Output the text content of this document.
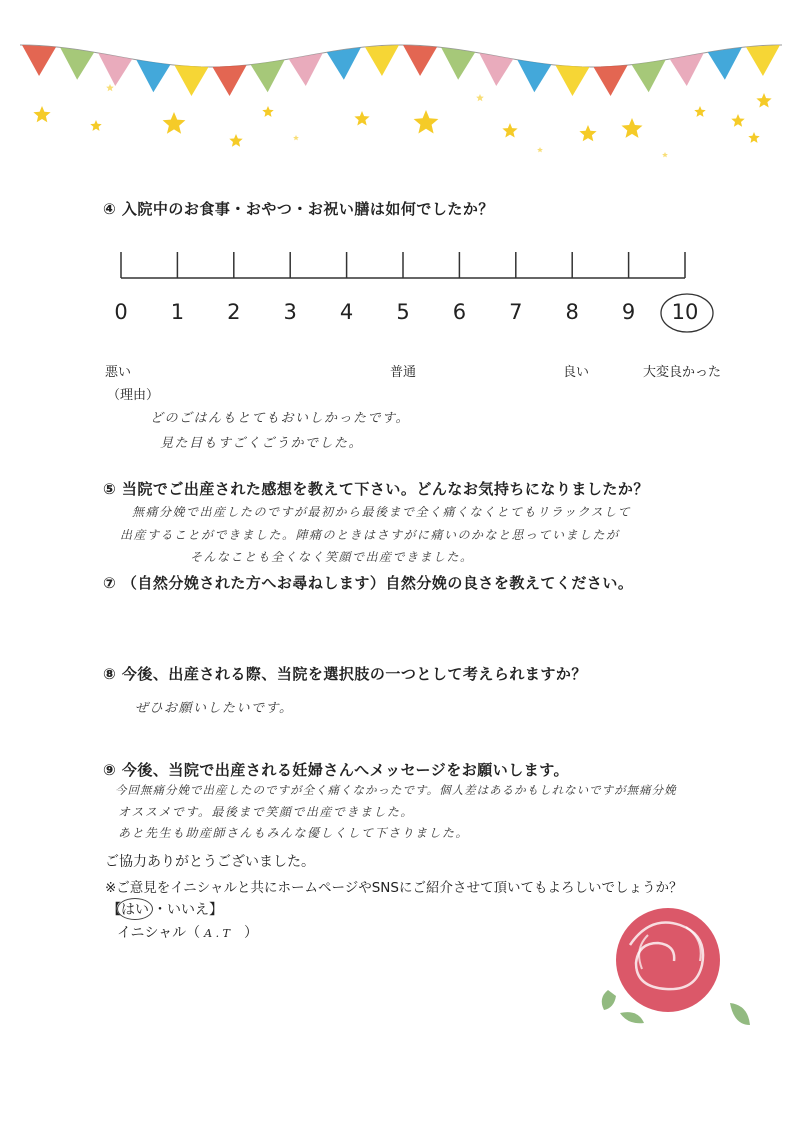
④ 入院中のお食事・おやつ・お祝い膳は如何でしたか？
0	1	2	3	4	5	6	7	8	9	10
悪い	普通	良い	大変良かった
（理由）
どのごはんもとてもおいしかったです。
見た目もすごくごうかでした。
⑤ 当院でご出産された感想を教えて下さい。どんなお気持ちになりましたか？
無痛分娩で出産したのですが最初から最後まで全く痛くなくとてもリラックスして
出産することができました。陣痛のときはさすがに痛いのかなと思っていましたが
そんなことも全くなく笑顔で出産できました。
⑦ （自然分娩された方へお尋ねします）自然分娩の良さを教えてください。
⑧ 今後、出産される際、当院を選択肢の一つとして考えられますか？
ぜひお願いしたいです。
⑨ 今後、当院で出産される妊婦さんへメッセージをお願いします。
今回無痛分娩で出産したのですが全く痛くなかったです。個人差はあるかもしれないですが無痛分娩
オススメです。最後まで笑顔で出産できました。
あと先生も助産師さんもみんな優しくして下さりました。
ご協力ありがとうございました。
※ご意見をイニシャルと共にホームページやSNSにご紹介させて頂いてもよろしいでしょうか？
【はい ・いいえ】
イニシャル（ A . T ）
